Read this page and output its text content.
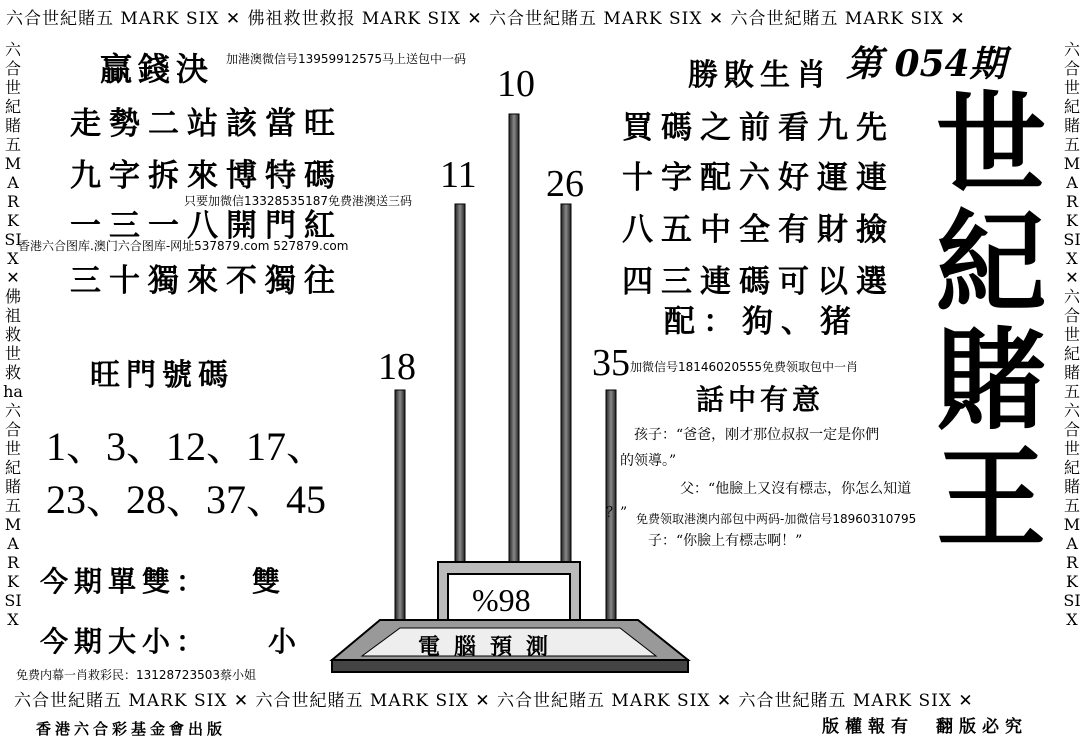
六合世紀賭五 MARK SIX ✕ 佛祖救世救报 MARK SIX ✕ 六合世紀賭五 MARK SIX ✕ 六合世紀賭五 MARK SIX ✕
六合世紀賭五 MARK SIX ✕ 六合世紀賭五 MARK SIX ✕ 六合世紀賭五 MARK SIX ✕ 六合世紀賭五 MARK SIX ✕
六合世紀賭五 MARK SIX ✕ 佛祖救世救 ha 六合世紀賭五 MARK SIX
六合世紀賭五 MARK SIX ✕ 六合世紀賭五 六合世紀賭五 MARK SIX
贏錢決 加港澳微信号13959912575马上送包中一码
走勢二站該當旺
九字拆來博特碼
只要加微信13328535187免费港澳送三码
一三一八開門紅
香港六合图库.澳门六合图库-网址537879.com 527879.com
三十獨來不獨往
旺門號碼
1、3、12、17、
23、28、37、45
今期單雙： 雙
今期大小： 小
免费内幕一肖救彩民：13128723503蔡小姐
香港六合彩基金會出版
10
11 26
18	35
%98
電腦預測
勝敗生肖 第 054期
買碼之前看九先
十字配六好運連
八五中全有財撿
四三連碼可以選
配：狗、猪
加微信号18146020555免费领取包中一肖
話中有意
孩子：“爸爸，刚才那位叔叔一定是你們
的领導。”
父：“他臉上又沒有標志，你怎么知道
？” 免费领取港澳内部包中两码-加微信号18960310795
子：“你臉上有標志啊！”
世紀賭王
版權報有 翻版必究
